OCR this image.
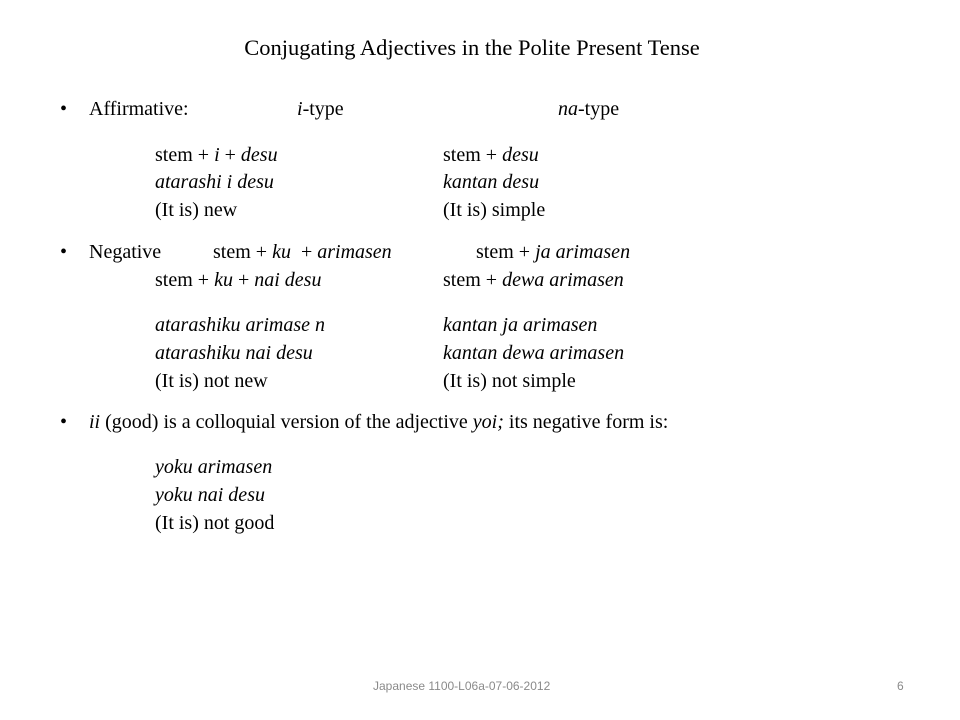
Conjugating Adjectives in the Polite Present Tense
• Affirmative:	i-type	na-type
stem + i + desu	stem + desu
atarashi i desu	kantan desu
(It is) new	(It is) simple
• Negative	stem + ku  + arimasen	stem + ja arimasen
stem + ku + nai desu	stem + dewa arimasen
atarashiku arimase n	kantan ja arimasen
atarashiku nai desu	kantan dewa arimasen
(It is) not new	(It is) not simple
• ii (good) is a colloquial version of the adjective yoi; its negative form is:
yoku arimasen
yoku nai desu
(It is) not good
Japanese 1100-L06a-07-06-2012	6
